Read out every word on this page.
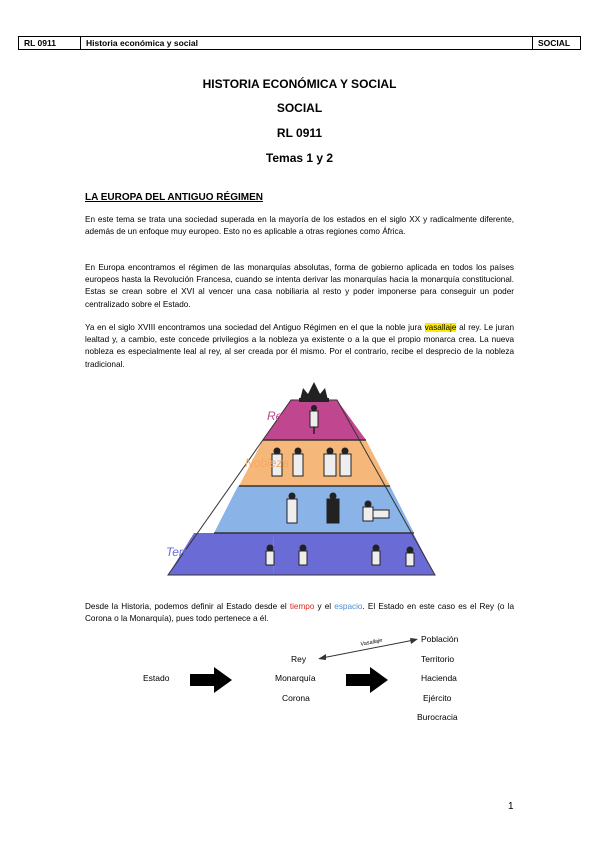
RL 0911	Historia económica y social	SOCIAL
HISTORIA ECONÓMICA Y SOCIAL
SOCIAL
RL 0911
Temas 1 y 2
LA EUROPA DEL ANTIGUO RÉGIMEN
En este tema se trata una sociedad superada en la mayoría de los estados en el siglo XX y radicalmente diferente, además de un enfoque muy europeo. Esto no es aplicable a otras regiones como África.
En Europa encontramos el régimen de las monarquías absolutas, forma de gobierno aplicada en todos los países europeos hasta la Revolución Francesa, cuando se intenta derivar las monarquías hacia la monarquía constitucional. Estas se crean sobre el XVI al vencer una casa nobiliaria al resto y poder imponerse para conseguir un poder centralizado sobre el Estado.
Ya en el siglo XVIII encontramos una sociedad del Antiguo Régimen en el que la noble jura vasallaje al rey. Le juran lealtad y, a cambio, este concede privilegios a la nobleza ya existente o a la que el propio monarca crea. La nueva nobleza es especialmente leal al rey, al ser creada por él mismo. Por el contrario, recibe el desprecio de la nobleza tradicional.
Rey
Nobleza
Clero
Tercer Estado
Desde la Historia, podemos definir al Estado desde el tiempo y el espacio. El Estado en este caso es el Rey (o la Corona o la Monarquía), pues todo pertenece a él.
Estado
Rey
Monarquía
Corona
Vasallaje	Población
Territorio
Hacienda
Ejército
Burocracia
1
